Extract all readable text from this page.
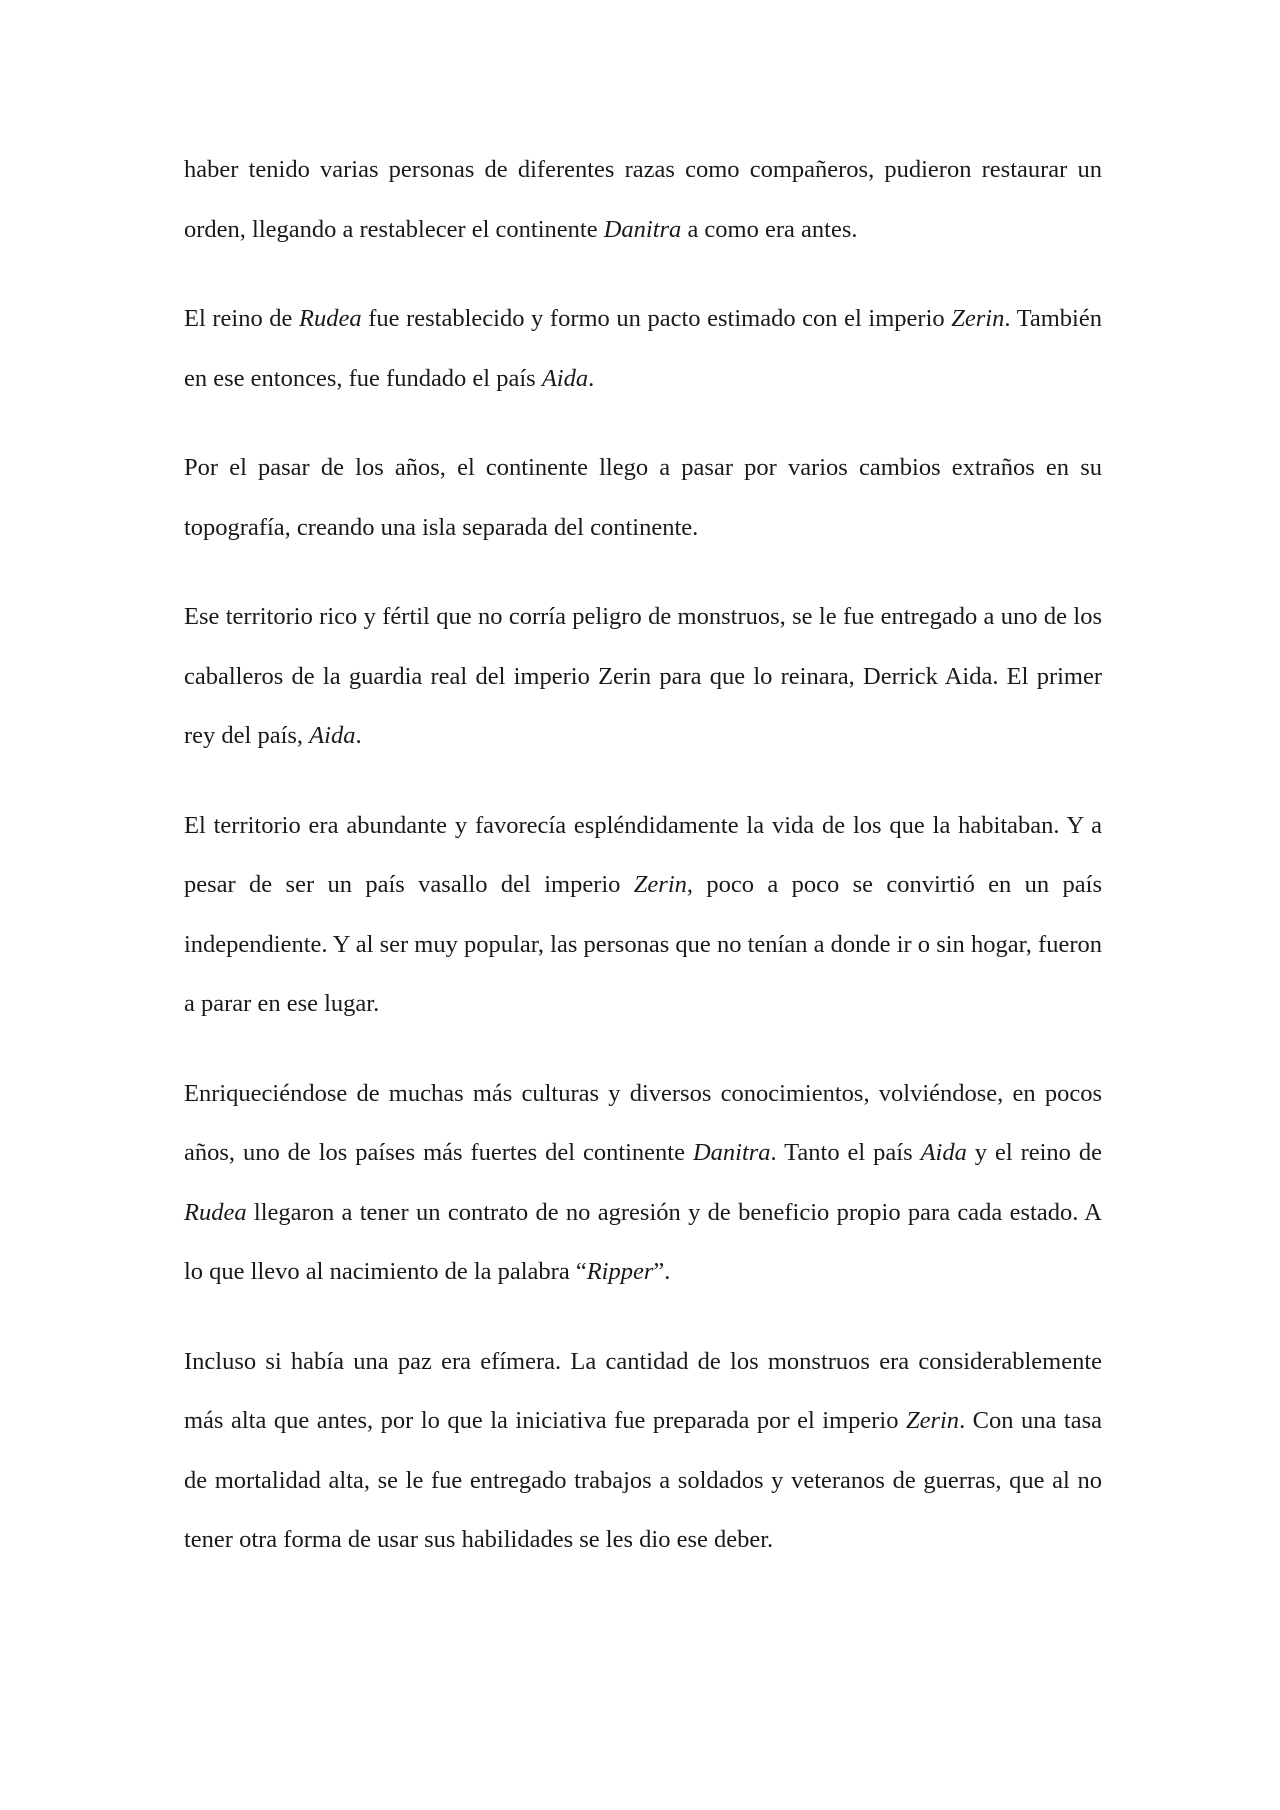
haber tenido varias personas de diferentes razas como compañeros, pudieron restaurar un orden, llegando a restablecer el continente Danitra a como era antes.

El reino de Rudea fue restablecido y formo un pacto estimado con el imperio Zerin. También en ese entonces, fue fundado el país Aida.

Por el pasar de los años, el continente llego a pasar por varios cambios extraños en su topografía, creando una isla separada del continente.

Ese territorio rico y fértil que no corría peligro de monstruos, se le fue entregado a uno de los caballeros de la guardia real del imperio Zerin para que lo reinara, Derrick Aida. El primer rey del país, Aida.

El territorio era abundante y favorecía espléndidamente la vida de los que la habitaban. Y a pesar de ser un país vasallo del imperio Zerin, poco a poco se convirtió en un país independiente. Y al ser muy popular, las personas que no tenían a donde ir o sin hogar, fueron a parar en ese lugar.

Enriqueciéndose de muchas más culturas y diversos conocimientos, volviéndose, en pocos años, uno de los países más fuertes del continente Danitra. Tanto el país Aida y el reino de Rudea llegaron a tener un contrato de no agresión y de beneficio propio para cada estado. A lo que llevo al nacimiento de la palabra “Ripper”.

Incluso si había una paz era efímera. La cantidad de los monstruos era considerablemente más alta que antes, por lo que la iniciativa fue preparada por el imperio Zerin. Con una tasa de mortalidad alta, se le fue entregado trabajos a soldados y veteranos de guerras, que al no tener otra forma de usar sus habilidades se les dio ese deber.
